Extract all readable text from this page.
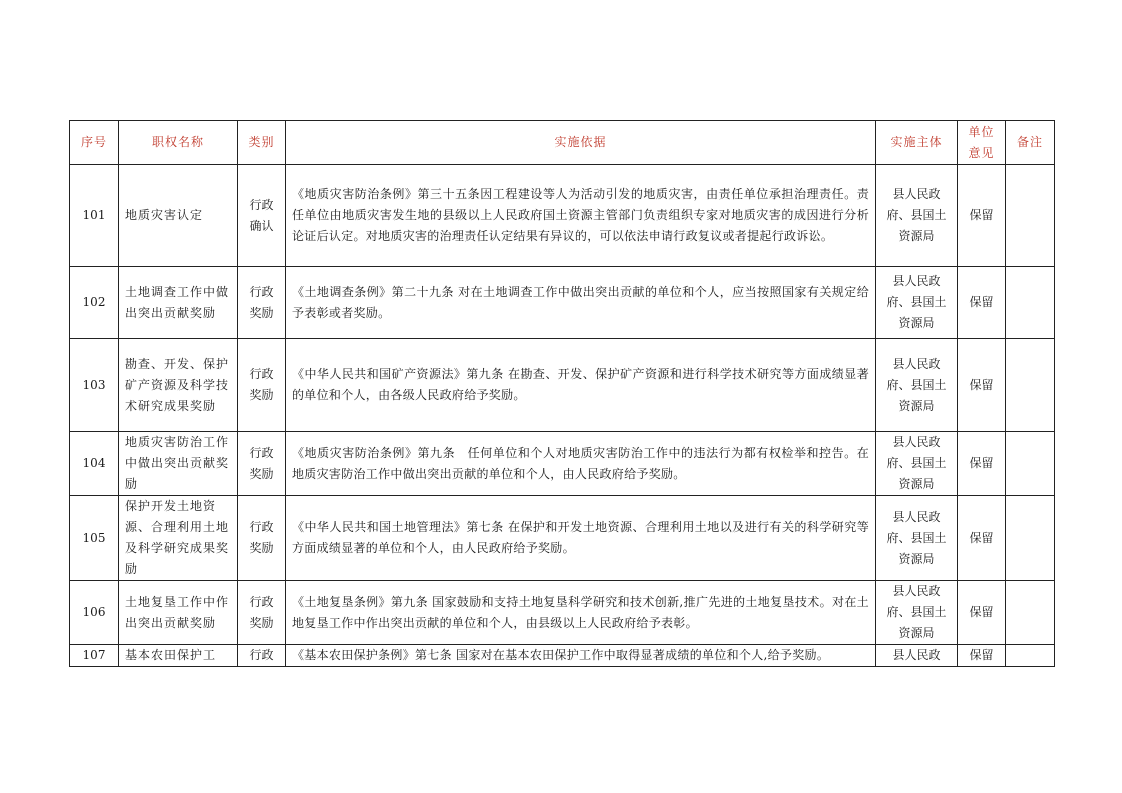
序号	职权名称	类别	实施依据	实施主体	单位意见	备注
101	地质灾害认定	行政确认	《地质灾害防治条例》第三十五条因工程建设等人为活动引发的地质灾害，由责任单位承担治理责任。责任单位由地质灾害发生地的县级以上人民政府国土资源主管部门负责组织专家对地质灾害的成因进行分析论证后认定。对地质灾害的治理责任认定结果有异议的，可以依法申请行政复议或者提起行政诉讼。	县人民政府、县国土资源局	保留	
102	土地调查工作中做出突出贡献奖励	行政奖励	《土地调查条例》第二十九条 对在土地调查工作中做出突出贡献的单位和个人，应当按照国家有关规定给予表彰或者奖励。	县人民政府、县国土资源局	保留	
103	勘查、开发、保护矿产资源及科学技术研究成果奖励	行政奖励	《中华人民共和国矿产资源法》第九条 在勘查、开发、保护矿产资源和进行科学技术研究等方面成绩显著的单位和个人，由各级人民政府给予奖励。	县人民政府、县国土资源局	保留	
104	地质灾害防治工作中做出突出贡献奖励	行政奖励	《地质灾害防治条例》第九条　任何单位和个人对地质灾害防治工作中的违法行为都有权检举和控告。在地质灾害防治工作中做出突出贡献的单位和个人，由人民政府给予奖励。	县人民政府、县国土资源局	保留	
105	保护开发土地资源、合理利用土地及科学研究成果奖励	行政奖励	《中华人民共和国土地管理法》第七条 在保护和开发土地资源、合理利用土地以及进行有关的科学研究等方面成绩显著的单位和个人，由人民政府给予奖励。	县人民政府、县国土资源局	保留	
106	土地复垦工作中作出突出贡献奖励	行政奖励	《土地复垦条例》第九条 国家鼓励和支持土地复垦科学研究和技术创新,推广先进的土地复垦技术。对在土地复垦工作中作出突出贡献的单位和个人，由县级以上人民政府给予表彰。	县人民政府、县国土资源局	保留	
107	基本农田保护工	行政	《基本农田保护条例》第七条 国家对在基本农田保护工作中取得显著成绩的单位和个人,给予奖励。	县人民政	保留	
